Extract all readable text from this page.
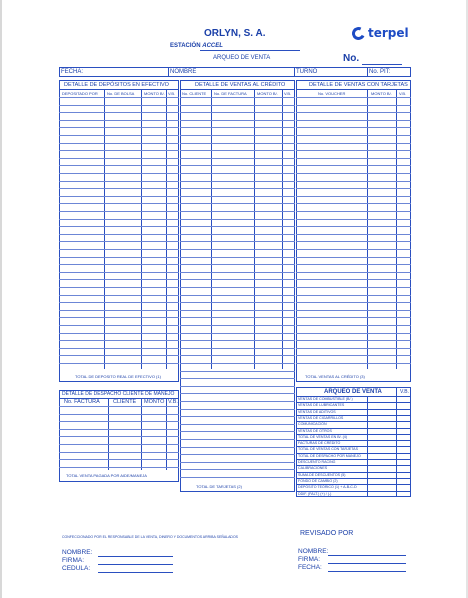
ORLYN, S. A.
ESTACIÓN ACCEL
ARQUEO DE VENTA	No.
terpel
FECHA:	NOMBRE	TURNO	No. PIT:
DETALLE DE DEPÓSITOS EN EFECTIVO
DEPOSITADO POR No. DE BOLSA MONTO B/. V.B.
TOTAL DE DEPOSITO REAL DE EFECTIVO (1)
DETALLE DE VENTAS AL CRÉDITO
No. CLIENTE No. DE FACTURA	MONTO B/. V.B.
TOTAL DE TARJETAS (2)
DETALLE DE VENTAS CON TARJETAS
No. VOUCHER	MONTO B/. V.B.
TOTAL VENTAS AL CRÉDITO (3)
DETALLE DE DESPACHO CLIENTE DE MANEJO
No. FACTURA CLIENTE MONTO V.B.
TOTAL VENTA PAGADA POR AIDE/MANEJA
ARQUEO DE VENTA	V.B.
VENTAS DE COMBUSTIBLE (B/.)
VENTAS DE LUBRICANTES
VENTAS DE ADITIVOS
VENTAS DE CIGARRILLOS
COMUNICACIÓN
VENTAS DE OTROS
TOTAL DE VENTAS EN B/. (4)
FACTURAS DE CRÉDITO
TOTAL DE VENTAS CON TARJETAS
TOTAL DE DESPACHO POR MANEJO
DESCUENTO RACING
CALIBRACIONES
SUMA DE DESCUENTOS (5)
FONDO DE CAMBIO (2)
DEPÓSITO TEÓRICO (1) + A-B-C-D
DDIF. (FALT.) (+) / (-)
CONFECCIONADO POR EL RESPONSABLE DE LA VENTA, DINERO Y DOCUMENTOS ARRIBA SEÑALADOS	REVISADO POR
NOMBRE:
FIRMA:
CEDULA:
NOMBRE:
FIRMA:
FECHA:
